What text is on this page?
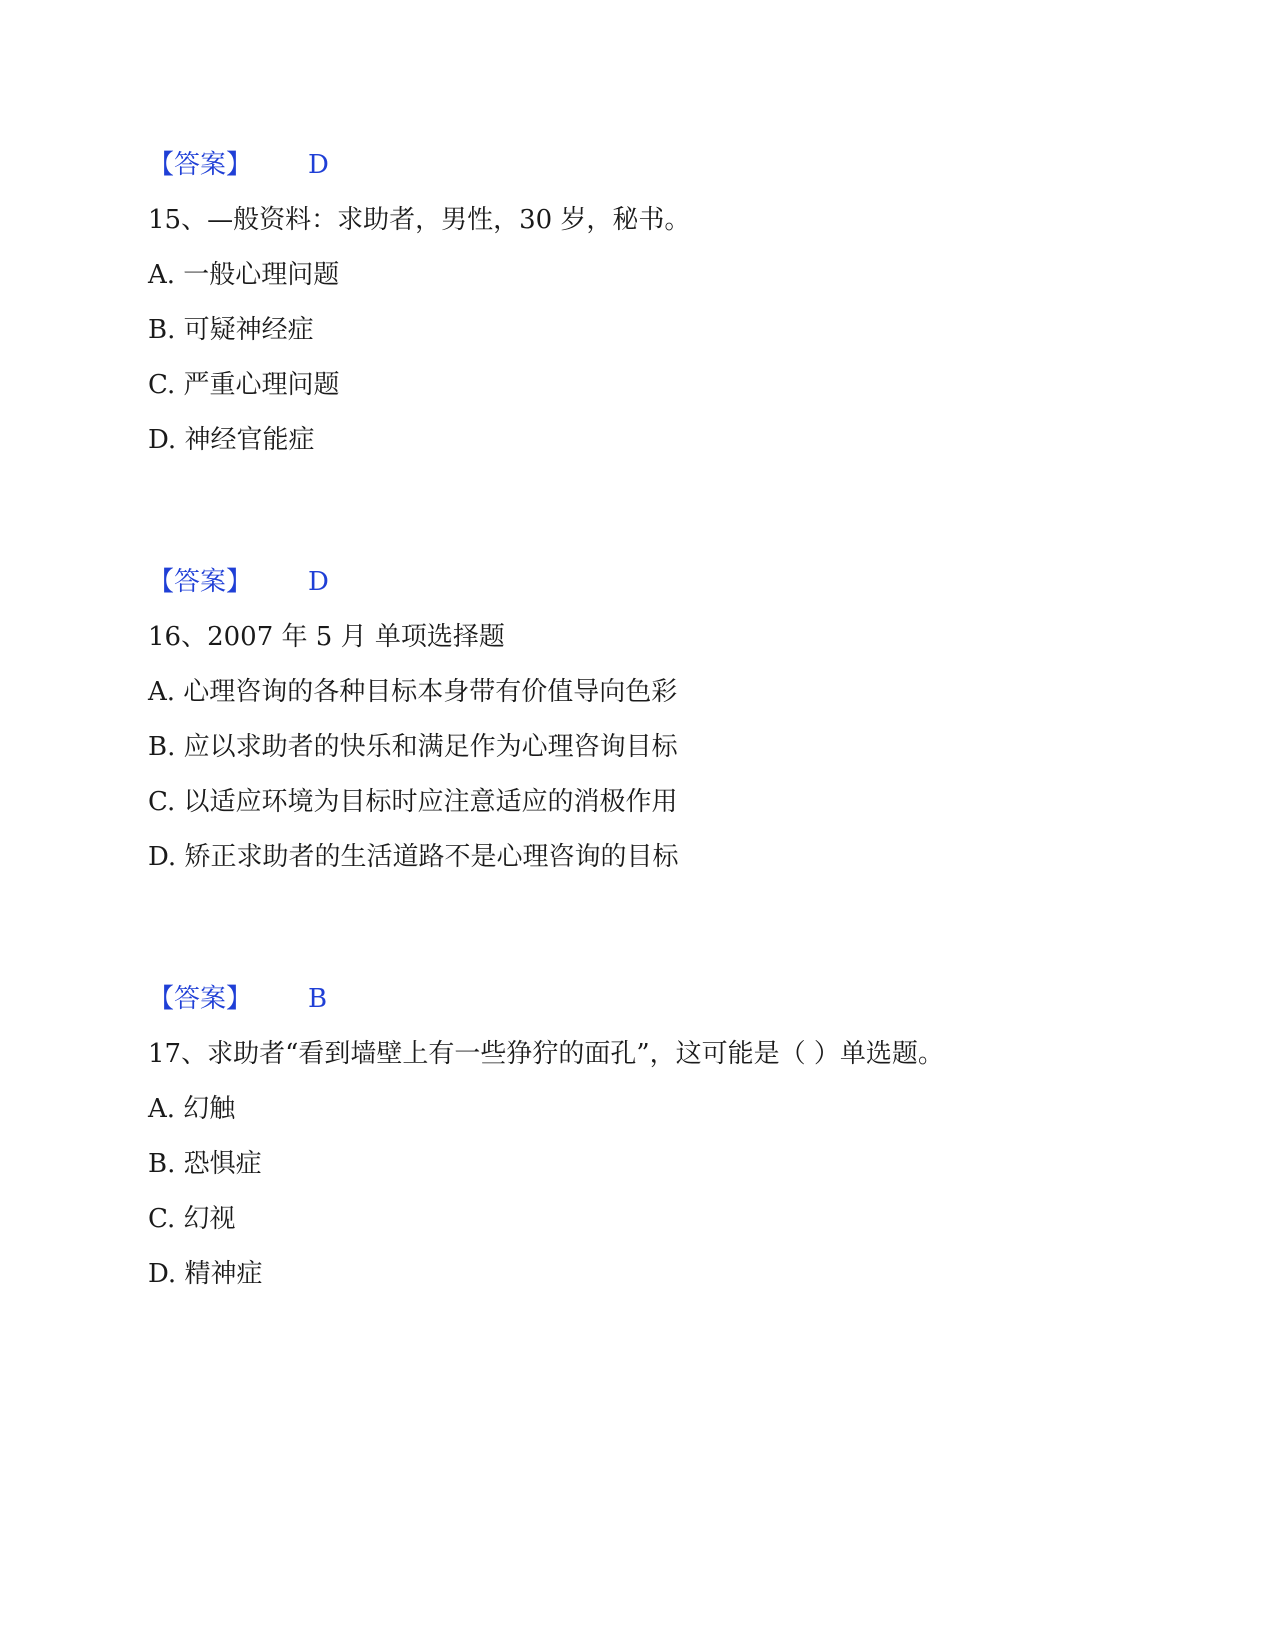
【答案】 D
15、—般资料：求助者，男性，30 岁，秘书。
A. 一般心理问题
B. 可疑神经症
C. 严重心理问题
D. 神经官能症
【答案】 D
16、2007 年 5 月 单项选择题
A. 心理咨询的各种目标本身带有价值导向色彩
B. 应以求助者的快乐和满足作为心理咨询目标
C. 以适应环境为目标时应注意适应的消极作用
D. 矫正求助者的生活道路不是心理咨询的目标
【答案】 B
17、求助者“看到墙壁上有一些狰狞的面孔”，这可能是（ ）单选题。
A. 幻触
B. 恐惧症
C. 幻视
D. 精神症
